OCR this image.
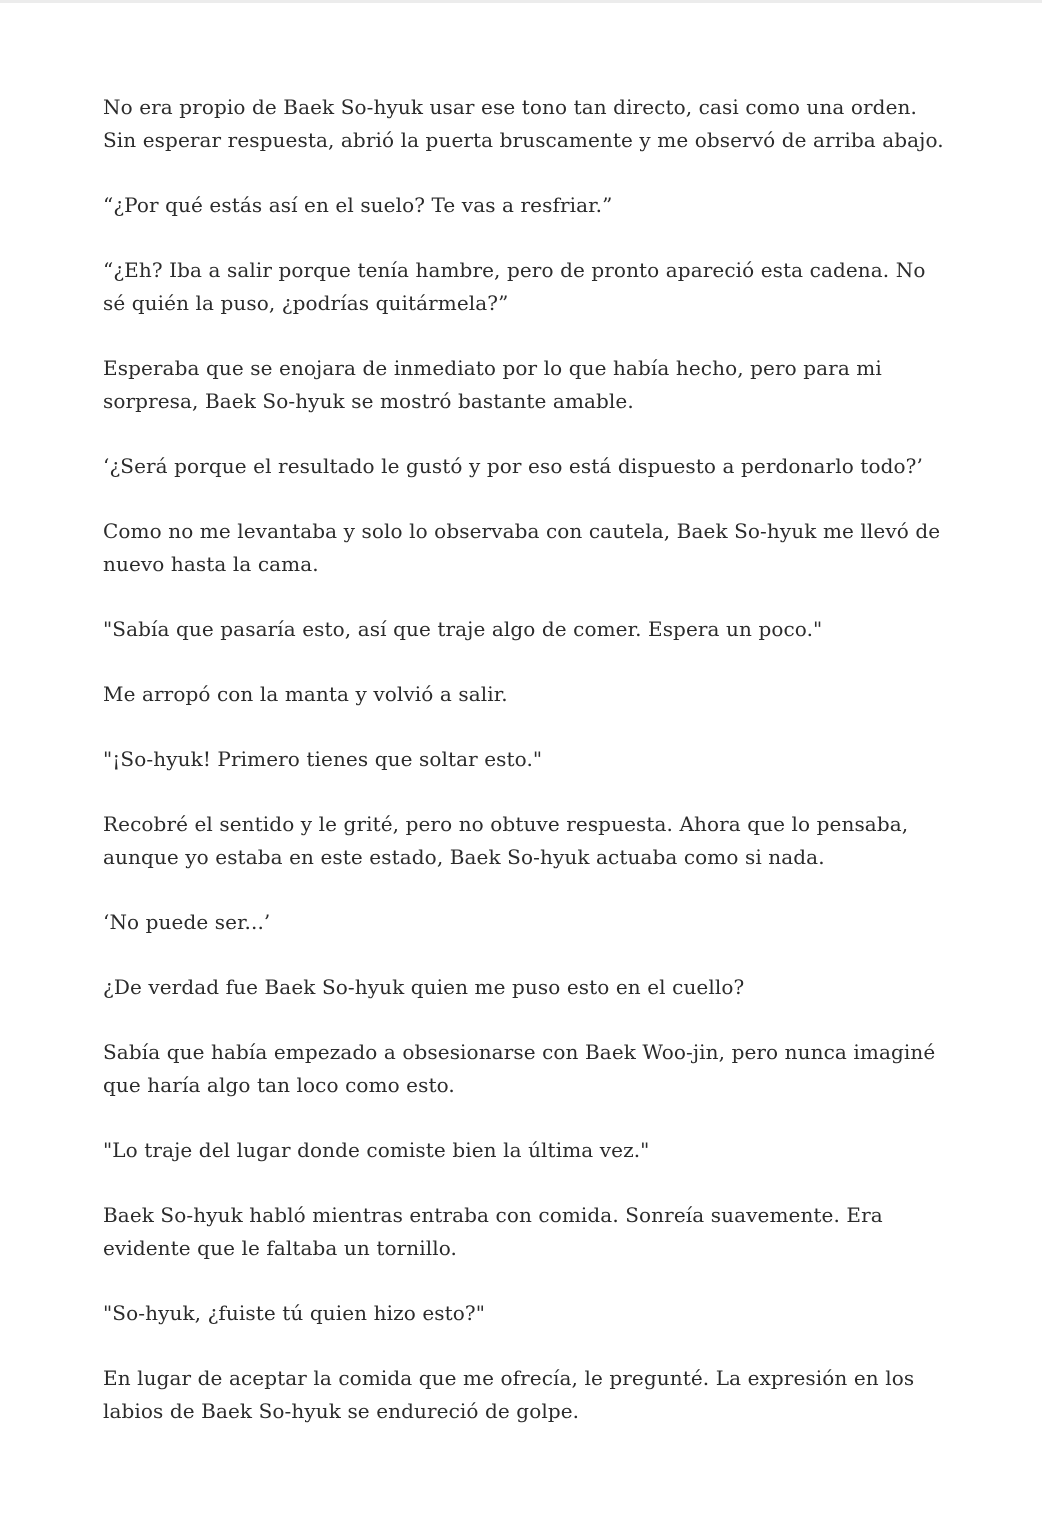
No era propio de Baek So-hyuk usar ese tono tan directo, casi como una orden. Sin esperar respuesta, abrió la puerta bruscamente y me observó de arriba abajo.

“¿Por qué estás así en el suelo? Te vas a resfriar.”

“¿Eh? Iba a salir porque tenía hambre, pero de pronto apareció esta cadena. No sé quién la puso, ¿podrías quitármela?”

Esperaba que se enojara de inmediato por lo que había hecho, pero para mi sorpresa, Baek So-hyuk se mostró bastante amable.

‘¿Será porque el resultado le gustó y por eso está dispuesto a perdonarlo todo?’

Como no me levantaba y solo lo observaba con cautela, Baek So-hyuk me llevó de nuevo hasta la cama.

"Sabía que pasaría esto, así que traje algo de comer. Espera un poco."

Me arropó con la manta y volvió a salir.

"¡So-hyuk! Primero tienes que soltar esto."

Recobré el sentido y le grité, pero no obtuve respuesta. Ahora que lo pensaba, aunque yo estaba en este estado, Baek So-hyuk actuaba como si nada.

‘No puede ser...’

¿De verdad fue Baek So-hyuk quien me puso esto en el cuello?

Sabía que había empezado a obsesionarse con Baek Woo-jin, pero nunca imaginé que haría algo tan loco como esto.

"Lo traje del lugar donde comiste bien la última vez."

Baek So-hyuk habló mientras entraba con comida. Sonreía suavemente. Era evidente que le faltaba un tornillo.

"So-hyuk, ¿fuiste tú quien hizo esto?"

En lugar de aceptar la comida que me ofrecía, le pregunté. La expresión en los labios de Baek So-hyuk se endureció de golpe.
